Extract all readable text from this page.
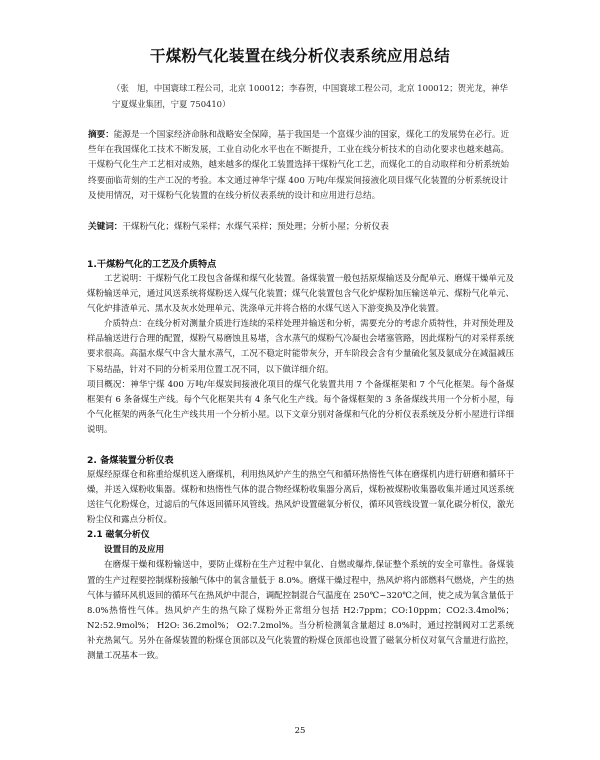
干煤粉气化装置在线分析仪表系统应用总结
（张　旭，中国寰球工程公司，北京 100012；李春贺，中国寰球工程公司，北京 100012；贺光龙，神华宁夏煤业集团，宁夏 750410）
摘要：能源是一个国家经济命脉和战略安全保障，基于我国是一个富煤少油的国家，煤化工的发展势在必行。近些年在我国煤化工技术不断发展，工业自动化水平也在不断提升，工业在线分析技术的自动化要求也越来越高。干煤粉气化生产工艺相对成熟，越来越多的煤化工装置选择干煤粉气化工艺，而煤化工的自动取样和分析系统始终要面临苛刻的生产工况的考验。本文通过神华宁煤 400 万吨/年煤炭间接液化项目煤气化装置的分析系统设计及使用情况，对干煤粉气化装置的在线分析仪表系统的设计和应用进行总结。
关键词：干煤粉气化；煤粉气采样；水煤气采样；预处理；分析小屋；分析仪表
1.干煤粉气化的工艺及介质特点

工艺说明：干煤粉气化工段包含备煤和煤气化装置。备煤装置一般包括原煤输送及分配单元、磨煤干燥单元及煤粉输送单元，通过风送系统将煤粉送入煤气化装置；煤气化装置包含气化炉煤粉加压输送单元、煤粉气化单元、气化炉排渣单元、黑水及灰水处理单元、洗涤单元并将合格的水煤气送入下游变换及净化装置。

介质特点：在线分析对测量介质进行连续的采样处理并输送和分析，需要充分的考虑介质特性，并对预处理及样品输送进行合理的配置，煤粉气易磨蚀且易堵，含水蒸气的煤粉气冷凝也会堵塞管路，因此煤粉气的对采样系统要求很高。高温水煤气中含大量水蒸气，工况不稳定时能带灰分，开车阶段会含有少量硫化氢及氨成分在减温减压下易结晶，针对不同的分析采用位置工况不同，以下做详细介绍。

项目概况：神华宁煤 400 万吨/年煤炭间接液化项目的煤气化装置共用 7 个备煤框架和 7 个气化框架。每个备煤框架有 6 条备煤生产线。每个气化框架共有 4 条气化生产线。每个备煤框架的 3 条备煤线共用一个分析小屋，每个气化框架的两条气化生产线共用一个分析小屋。以下文章分别对备煤和气化的分析仪表系统及分析小屋进行详细说明。

2. 备煤装置分析仪表

原煤经原煤仓和称重给煤机送入磨煤机，利用热风炉产生的热空气和循环热惰性气体在磨煤机内进行研磨和循环干燥，并送入煤粉收集器。煤粉和热惰性气体的混合物经煤粉收集器分离后，煤粉被煤粉收集器收集并通过风送系统送往气化粉煤仓，过滤后的气体返回循环风管线。热风炉设置磁氧分析仪，循环风管线设置一氧化碳分析仪，激光粉尘仪和露点分析仪。

2.1 磁氧分析仪
设置目的及应用

在磨煤干燥和煤粉输送中，要防止煤粉在生产过程中氧化、自燃或爆炸,保证整个系统的安全可靠性。备煤装置的生产过程要控制煤粉接触气体中的氧含量低于 8.0%。磨煤干燥过程中，热风炉将内部燃料气燃烧，产生的热气体与循环风机返回的循环气在热风炉中混合，调配控制混合气温度在 250℃~320℃之间，使之成为氧含量低于 8.0%热惰性气体。热风炉产生的热气除了煤粉外正常组分包括 H2:7ppm；CO:10ppm；CO2:3.4mol%； N2:52.9mol%； H2O: 36.2mol%； O2:7.2mol%。当分析检测氧含量超过 8.0%时，通过控制阀对工艺系统补充热氮气。另外在备煤装置的粉煤仓顶部以及气化装置的粉煤仓顶部也设置了磁氧分析仪对氧气含量进行监控，测量工况基本一致。

25
